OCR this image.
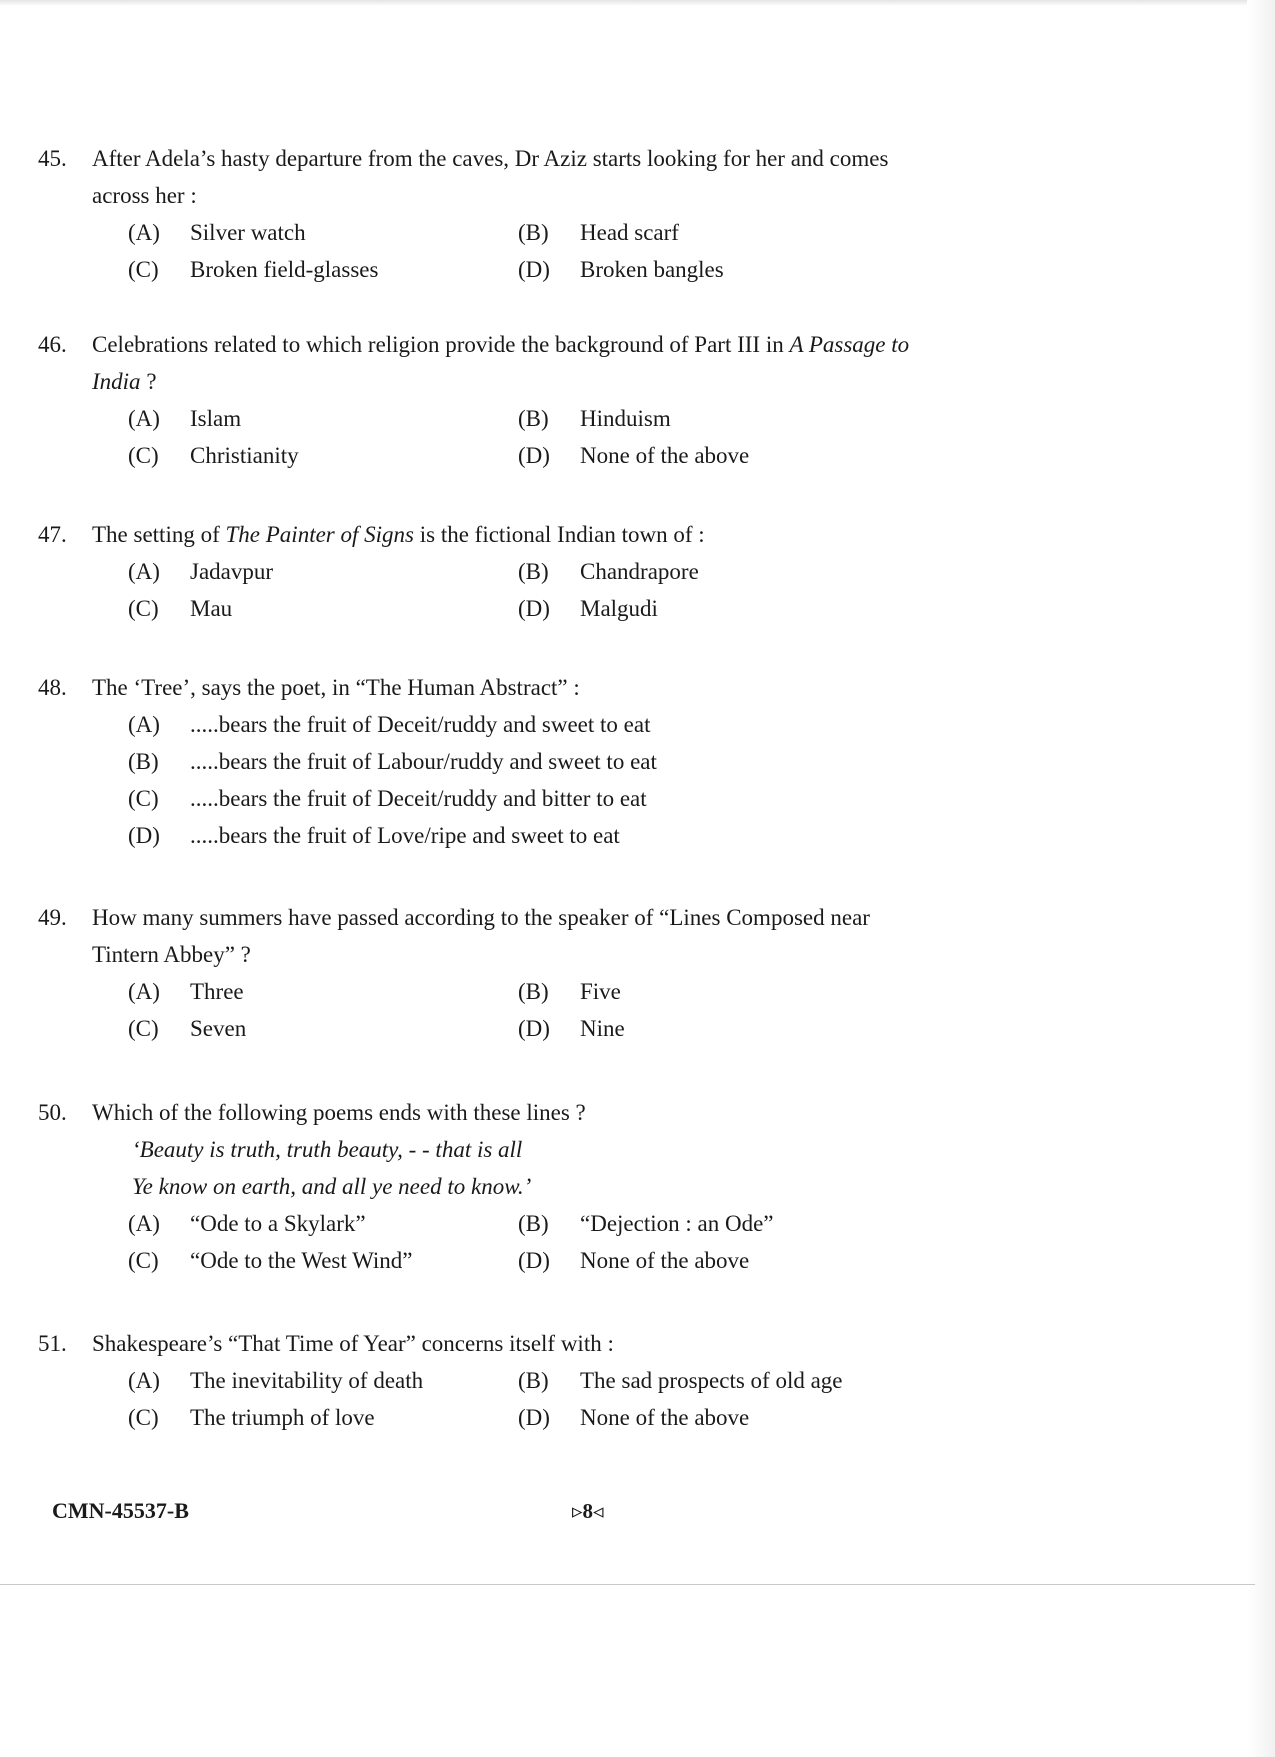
45. After Adela’s hasty departure from the caves, Dr Aziz starts looking for her and comes across her :
(A)	Silver watch	(B)	Head scarf
(C)	Broken field-glasses	(D)	Broken bangles
46. Celebrations related to which religion provide the background of Part III in A Passage to India ?
(A)	Islam	(B)	Hinduism
(C)	Christianity	(D)	None of the above
47. The setting of The Painter of Signs is the fictional Indian town of :
(A)	Jadavpur	(B)	Chandrapore
(C)	Mau	(D)	Malgudi
48. The ‘Tree’, says the poet, in “The Human Abstract” :
(A)	.....bears the fruit of Deceit/ruddy and sweet to eat
(B)	.....bears the fruit of Labour/ruddy and sweet to eat
(C)	.....bears the fruit of Deceit/ruddy and bitter to eat
(D)	.....bears the fruit of Love/ripe and sweet to eat
49. How many summers have passed according to the speaker of “Lines Composed near Tintern Abbey” ?
(A)	Three	(B)	Five
(C)	Seven	(D)	Nine
50. Which of the following poems ends with these lines ?
‘Beauty is truth, truth beauty, - - that is all
Ye know on earth, and all ye need to know.’
(A)	“Ode to a Skylark”	(B)	“Dejection : an Ode”
(C)	“Ode to the West Wind”	(D)	None of the above
51. Shakespeare’s “That Time of Year” concerns itself with :
(A)	The inevitability of death	(B)	The sad prospects of old age
(C)	The triumph of love	(D)	None of the above
CMN-45537-B	▹8◃
